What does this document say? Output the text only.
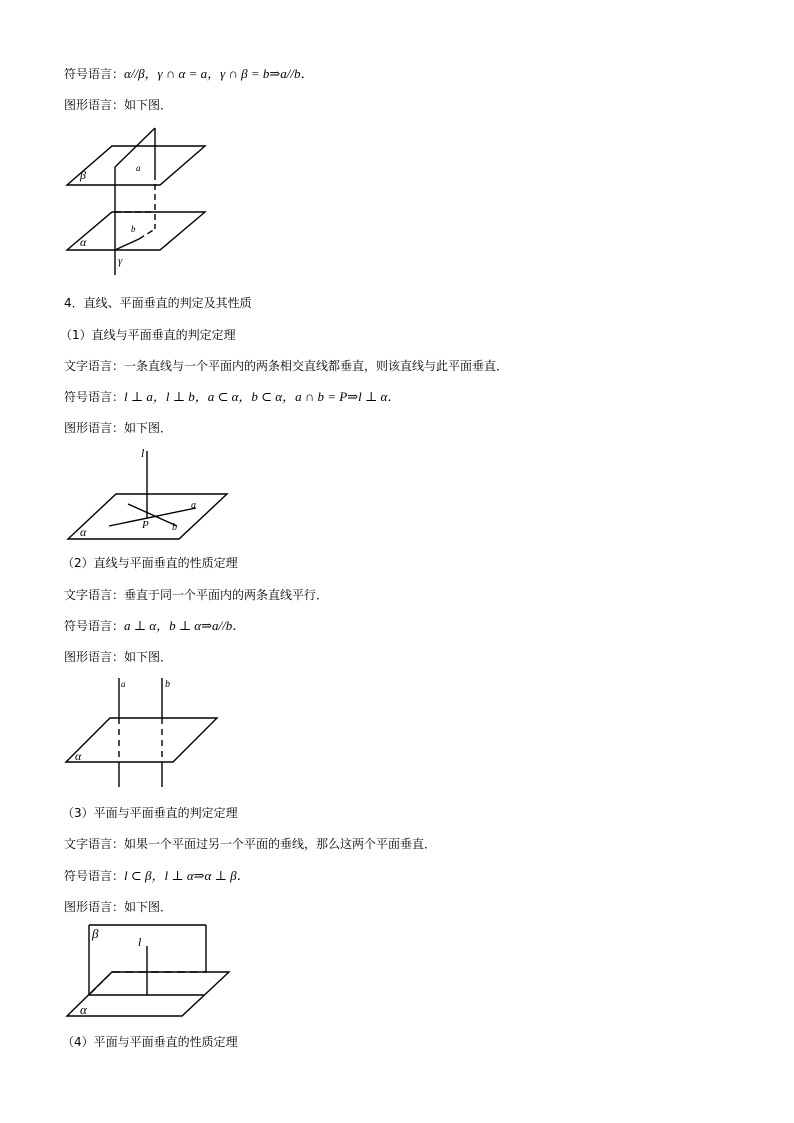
符号语言：α//β，γ ∩ α = a，γ ∩ β = b⇒a//b．
图形语言：如下图．
β	a
b
α
γ
4．直线、平面垂直的判定及其性质
（1）直线与平面垂直的判定定理
文字语言：一条直线与一个平面内的两条相交直线都垂直，则该直线与此平面垂直．
符号语言：l ⊥ a，l ⊥ b，a ⊂ α，b ⊂ α，a ∩ b = P⇒l ⊥ α．
图形语言：如下图．
l
a
P b
α
（2）直线与平面垂直的性质定理
文字语言：垂直于同一个平面内的两条直线平行．
符号语言：a ⊥ α，b ⊥ α⇒a//b．
图形语言：如下图．
a	b
α
（3）平面与平面垂直的判定定理
文字语言：如果一个平面过另一个平面的垂线，那么这两个平面垂直．
符号语言：l ⊂ β，l ⊥ α⇒α ⊥ β．
图形语言：如下图．
β
l
α
（4）平面与平面垂直的性质定理
